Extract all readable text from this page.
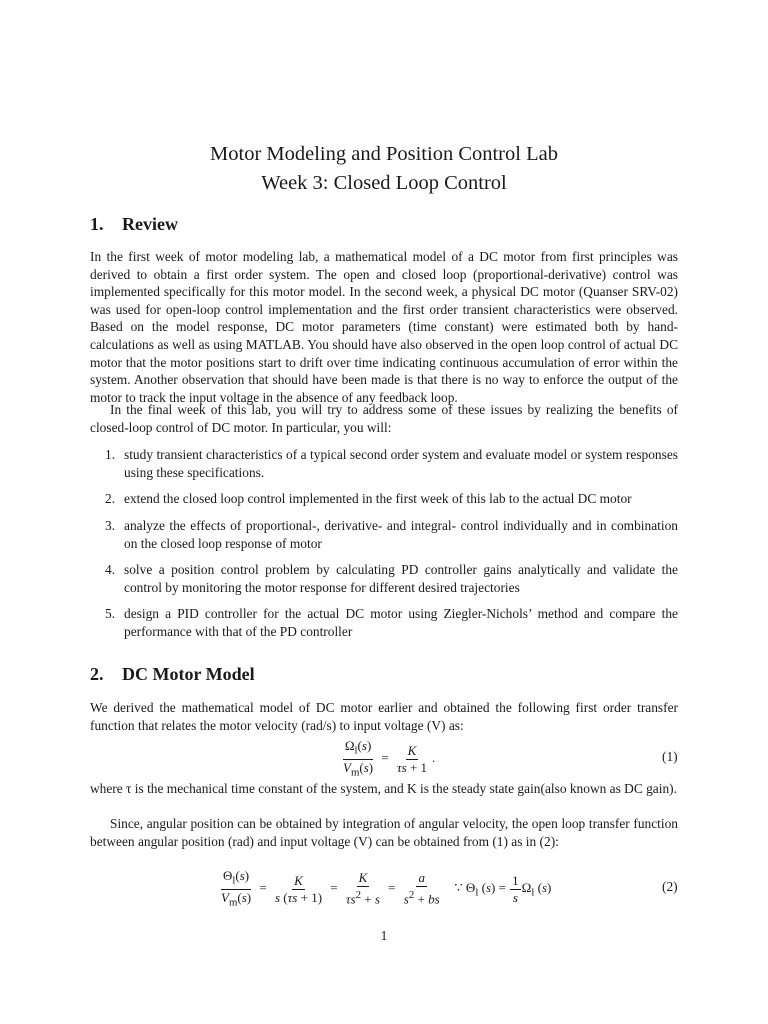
Motor Modeling and Position Control Lab
Week 3: Closed Loop Control
1. Review

In the first week of motor modeling lab, a mathematical model of a DC motor from first principles was derived to obtain a first order system. The open and closed loop (proportional-derivative) control was implemented specifically for this motor model. In the second week, a physical DC motor (Quanser SRV-02) was used for open-loop control implementation and the first order transient characteristics were observed. Based on the model response, DC motor parameters (time constant) were estimated both by hand-calculations as well as using MATLAB. You should have also observed in the open loop control of actual DC motor that the motor positions start to drift over time indicating continuous accumulation of error within the system. Another observation that should have been made is that there is no way to enforce the output of the motor to track the input voltage in the absence of any feedback loop.

In the final week of this lab, you will try to address some of these issues by realizing the benefits of closed-loop control of DC motor. In particular, you will:

1. study transient characteristics of a typical second order system and evaluate model or system responses using these specifications.
2. extend the closed loop control implemented in the first week of this lab to the actual DC motor
3. analyze the effects of proportional-, derivative- and integral- control individually and in combination on the closed loop response of motor
4. solve a position control problem by calculating PD controller gains analytically and validate the control by monitoring the motor response for different desired trajectories
5. design a PID controller for the actual DC motor using Ziegler-Nichols’ method and compare the performance with that of the PD controller
2. DC Motor Model

We derived the mathematical model of DC motor earlier and obtained the following first order transfer function that relates the motor velocity (rad/s) to input voltage (V) as:

$\frac{\Omega_l(s)}{V_m(s)} = \frac{K}{\tau s + 1}$ .	(1)

where τ is the mechanical time constant of the system, and K is the steady state gain(also known as DC gain).

Since, angular position can be obtained by integration of angular velocity, the open loop transfer function between angular position (rad) and input voltage (V) can be obtained from (1) as in (2):

$\frac{\Theta_l(s)}{V_m(s)} = \frac{K}{s (\tau s + 1)} = \frac{K}{\tau s^2 + s} = \frac{a}{s^2 + bs}$ ∵ $\Theta_l$ $(s) = \frac{1}{s} \Omega_l$ (s)	(2)
1
